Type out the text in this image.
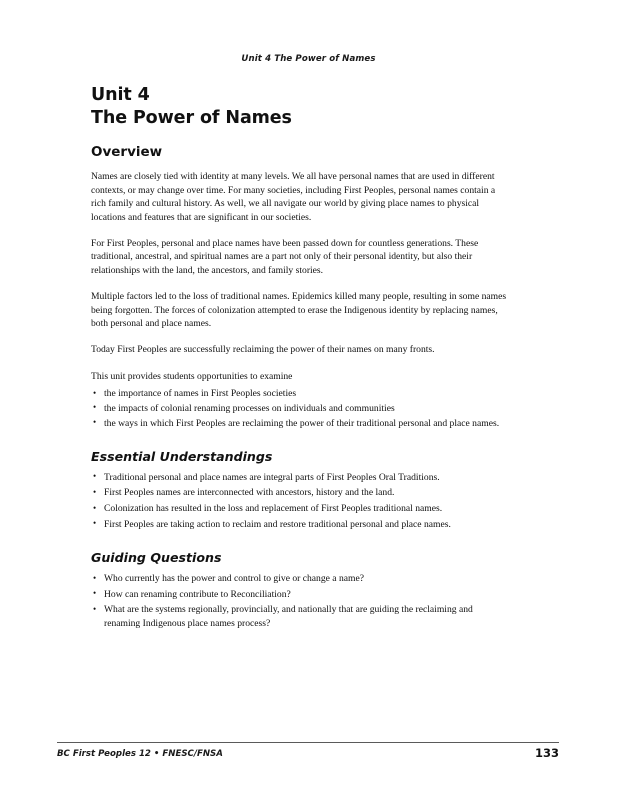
Unit 4 The Power of Names
Unit 4
The Power of Names
Overview

Names are closely tied with identity at many levels. We all have personal names that are used in different contexts, or may change over time. For many societies, including First Peoples, personal names contain a rich family and cultural history. As well, we all navigate our world by giving place names to physical locations and features that are significant in our societies.

For First Peoples, personal and place names have been passed down for countless generations. These traditional, ancestral, and spiritual names are a part not only of their personal identity, but also their relationships with the land, the ancestors, and family stories.

Multiple factors led to the loss of traditional names. Epidemics killed many people, resulting in some names being forgotten. The forces of colonization attempted to erase the Indigenous identity by replacing names, both personal and place names.

Today First Peoples are successfully reclaiming the power of their names on many fronts.

This unit provides students opportunities to examine

• the importance of names in First Peoples societies
• the impacts of colonial renaming processes on individuals and communities
• the ways in which First Peoples are reclaiming the power of their traditional personal and place names.
Essential Understandings
• Traditional personal and place names are integral parts of First Peoples Oral Traditions.
• First Peoples names are interconnected with ancestors, history and the land.
• Colonization has resulted in the loss and replacement of First Peoples traditional names.
• First Peoples are taking action to reclaim and restore traditional personal and place names.
Guiding Questions
• Who currently has the power and control to give or change a name?
• How can renaming contribute to Reconciliation?
• What are the systems regionally, provincially, and nationally that are guiding the reclaiming and renaming Indigenous place names process?
BC First Peoples 12 • FNESC/FNSA	133
